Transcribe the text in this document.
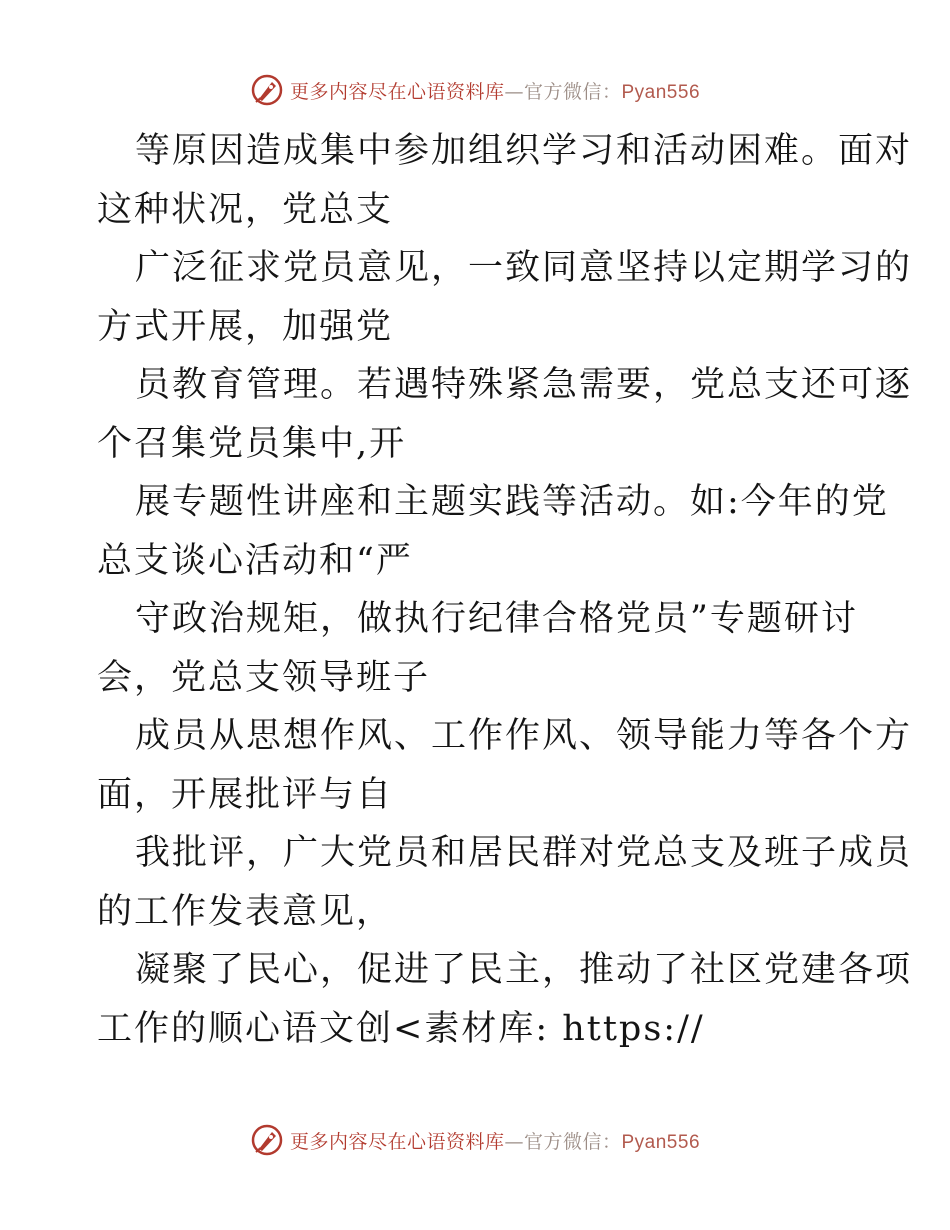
更多内容尽在心语资料库—官方微信：Pyan556
等原因造成集中参加组织学习和活动困难。面对
这种状况，党总支
广泛征求党员意见，一致同意坚持以定期学习的
方式开展，加强党
员教育管理。若遇特殊紧急需要，党总支还可逐
个召集党员集中,开
展专题性讲座和主题实践等活动。如:今年的党
总支谈心活动和“严
守政治规矩，做执行纪律合格党员”专题研讨
会，党总支领导班子
成员从思想作风、工作作风、领导能力等各个方
面，开展批评与自
我批评，广大党员和居民群对党总支及班子成员
的工作发表意见，
凝聚了民心，促进了民主，推动了社区党建各项
工作的顺心语文创<素材库: https://
更多内容尽在心语资料库—官方微信：Pyan556
